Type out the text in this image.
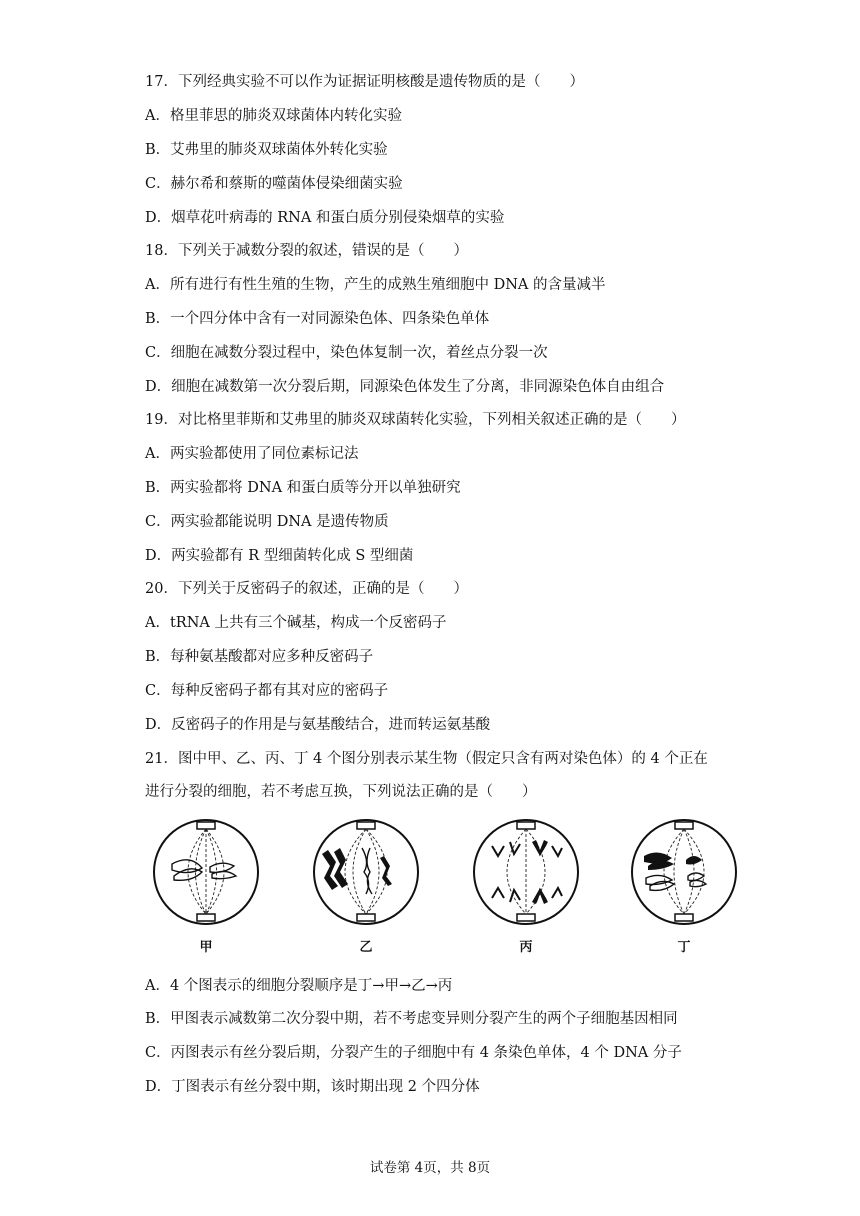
17．下列经典实验不可以作为证据证明核酸是遗传物质的是（　　）
A．格里菲思的肺炎双球菌体内转化实验
B．艾弗里的肺炎双球菌体外转化实验
C．赫尔希和蔡斯的噬菌体侵染细菌实验
D．烟草花叶病毒的 RNA 和蛋白质分别侵染烟草的实验
18．下列关于减数分裂的叙述，错误的是（　　）
A．所有进行有性生殖的生物，产生的成熟生殖细胞中 DNA 的含量减半
B．一个四分体中含有一对同源染色体、四条染色单体
C．细胞在减数分裂过程中，染色体复制一次，着丝点分裂一次
D．细胞在减数第一次分裂后期，同源染色体发生了分离，非同源染色体自由组合
19．对比格里菲斯和艾弗里的肺炎双球菌转化实验，下列相关叙述正确的是（　　）
A．两实验都使用了同位素标记法
B．两实验都将 DNA 和蛋白质等分开以单独研究
C．两实验都能说明 DNA 是遗传物质
D．两实验都有 R 型细菌转化成 S 型细菌
20．下列关于反密码子的叙述，正确的是（　　）
A．tRNA 上共有三个碱基，构成一个反密码子
B．每种氨基酸都对应多种反密码子
C．每种反密码子都有其对应的密码子
D．反密码子的作用是与氨基酸结合，进而转运氨基酸
21．图中甲、乙、丙、丁 4 个图分别表示某生物（假定只含有两对染色体）的 4 个正在
进行分裂的细胞，若不考虑互换，下列说法正确的是（　　）
甲	乙	丙	丁
A．4 个图表示的细胞分裂顺序是丁→甲→乙→丙
B．甲图表示减数第二次分裂中期，若不考虑变异则分裂产生的两个子细胞基因相同
C．丙图表示有丝分裂后期，分裂产生的子细胞中有 4 条染色单体，4 个 DNA 分子
D．丁图表示有丝分裂中期，该时期出现 2 个四分体
试卷第 4页，共 8页
